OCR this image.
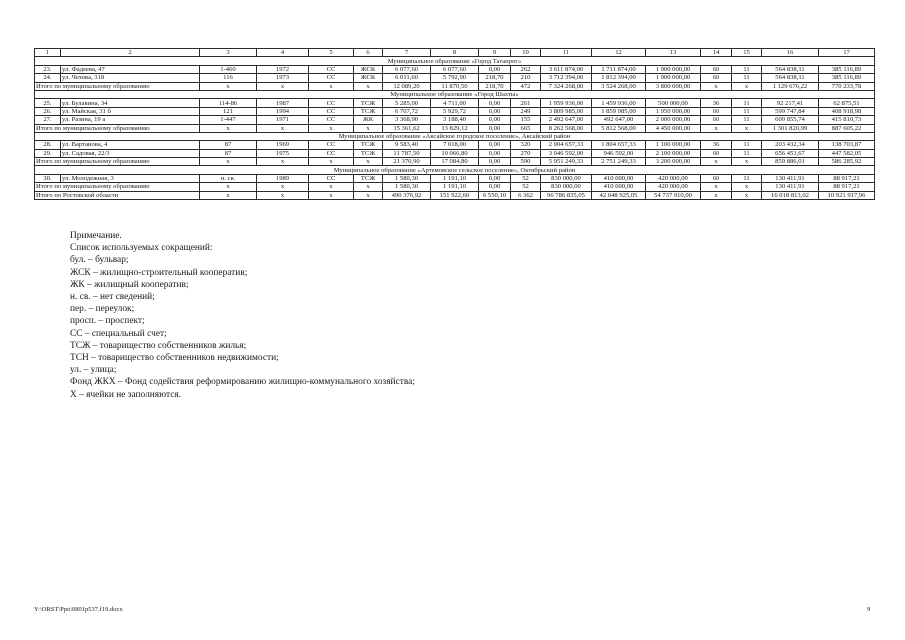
1	2	3	4	5	6	7	8	9	10	11	12	13	14	15	16	17
Муниципальное образование «Город Таганрог»																
23.	ул. Фадеева, 47	1-460	1972	СС	ЖСК	6 077,60	6 077,60	0,00	262	3 611 874,00	1 711 874,00	1 900 000,00	60	11	564 838,11	385 116,89
24.	ул. Чехова, 318	116	1973	СС	ЖСК	6 011,60	5 792,90	218,70	210	3 712 394,00	1 812 394,00	1 900 000,00	60	11	564 838,11	385 116,89
Итого по муниципальному образованию		х	х	х	х	12 089,20	11 870,50	218,70	472	7 324 268,00	3 524 268,00	3 800 000,00	х	х	1 129 676,22	770 233,78
Муниципальное образование «Город Шахты»																
25.	ул. Булавина, 34	114-86	1987	СС	ТСЖ	5 285,00	4 711,00	0,00	261	1 959 936,00	1 459 936,00	500 000,00	36	11	92 217,41	62 875,51
26.	ул. Майская, 31 б	121	1994	СС	ТСЖ	6 707,72	5 929,72	0,00	249	3 809 985,00	1 859 985,00	1 950 000,00	60	11	599 747,84	408 918,98
27.	ул. Разина, 19 а	1-447	1971	СС	ЖК	3 368,90	3 188,40	0,00	155	2 492 647,00	492 647,00	2 000 000,00	60	11	609 855,74	415 810,73
Итого по муниципальному образованию		х	х	х	х	15 361,62	13 829,12	0,00	665	8 262 568,00	5 812 568,00	4 450 000,00	х	х	1 301 820,99	887 605,22
Муниципальное образование «Аксайское городское поселение», Аксайский район																
28.	ул. Вартанова, 4	87	1969	СС	ТСЖ	9 583,40	7 018,00	0,00	320	2 904 657,33	1 804 657,33	1 100 000,00	36	11	203 432,34	138 703,87
29.	ул. Садовая, 22/3	87	1975	СС	ТСЖ	11 787,50	10 066,80	0,00	270	3 046 592,00	946 592,00	2 100 000,00	60	11	656 453,67	447 582,05
Итого по муниципальному образованию		х	х	х	х	21 370,90	17 084,80	0,00	590	5 951 249,33	2 751 249,33	3 200 000,00	х	х	859 886,01	586 285,92
Муниципальное образование «Артемовское сельское поселение», Октябрьский район																
30.	ул. Молодежная, 3	н. св.	1989	СС	ТСЖ	1 580,30	1 191,10	0,00	52	830 000,00	410 000,00	420 000,00	60	11	130 411,91	88 917,21
Итого по муниципальному образованию		х	х	х	х	1 580,30	1 191,10	0,00	52	830 000,00	410 000,00	420 000,00	х	х	130 411,91	88 917,21
Итого по Ростовской области		х	х	х	х	490 376,92	151 922,60	6 550,10	6 362	96 786 835,05	42 048 925,05	54 737 910,00	х	х	16 018 813,02	10 921 917,96
Примечание.
Список используемых сокращений:
бул. – бульвар;
ЖСК – жилищно-строительный кооператив;
ЖК – жилищный кооператив;
н. св. – нет сведений;
пер. – переулок;
просп. – проспект;
СС – специальный счет;
ТСЖ – товарищество собственников жилья;
ТСН – товарищество собственников недвижимости;
ул. – улица;
Фонд ЖКХ – Фонд содействия реформированию жилищно-коммунального хозяйства;
Х – ячейки не заполняются.
Y:\ORST\Ppo\0801p537.f19.docx	9
